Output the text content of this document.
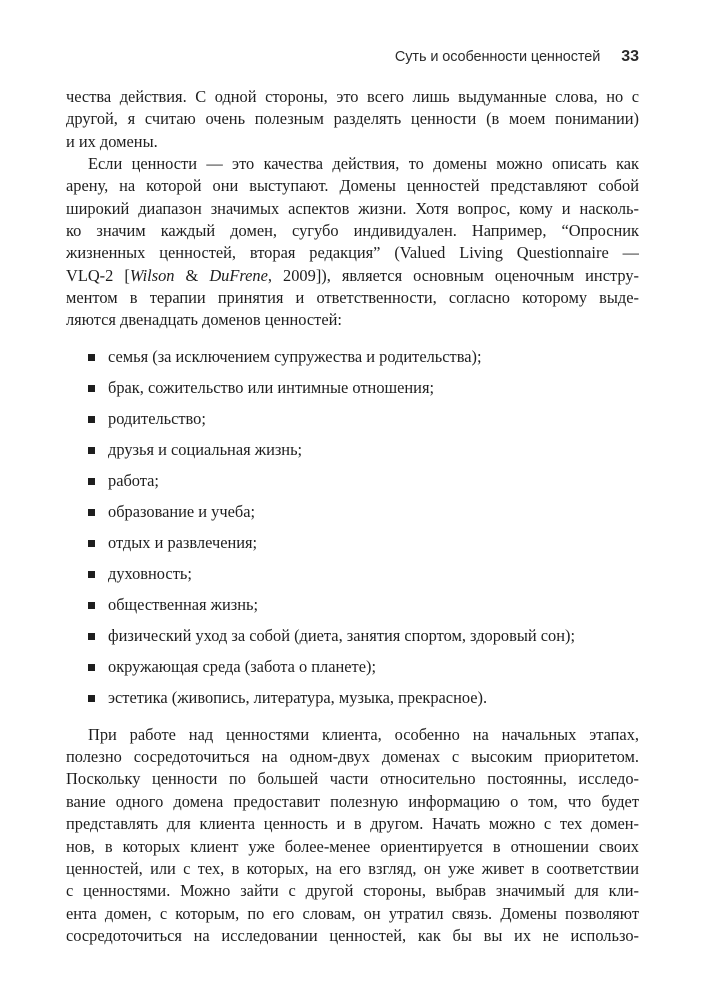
Суть и особенности ценностей 33
чества действия. С одной стороны, это всего лишь выдуманные слова, но с
другой, я считаю очень полезным разделять ценности (в моем понимании)
и их домены.
Если ценности — это качества действия, то домены можно описать как
арену, на которой они выступают. Домены ценностей представляют собой
широкий диапазон значимых аспектов жизни. Хотя вопрос, кому и насколь-
ко значим каждый домен, сугубо индивидуален. Например, “Опросник
жизненных ценностей, вторая редакция” (Valued Living Questionnaire —
VLQ-2 [Wilson & DuFrene, 2009]), является основным оценочным инстру-
ментом в терапии принятия и ответственности, согласно которому выде-
ляются двенадцать доменов ценностей:
семья (за исключением супружества и родительства);
брак, сожительство или интимные отношения;
родительство;
друзья и социальная жизнь;
работа;
образование и учеба;
отдых и развлечения;
духовность;
общественная жизнь;
физический уход за собой (диета, занятия спортом, здоровый сон);
окружающая среда (забота о планете);
эстетика (живопись, литература, музыка, прекрасное).
При работе над ценностями клиента, особенно на начальных этапах,
полезно сосредоточиться на одном-двух доменах с высоким приоритетом.
Поскольку ценности по большей части относительно постоянны, исследо-
вание одного домена предоставит полезную информацию о том, что будет
представлять для клиента ценность и в другом. Начать можно с тех домен-
нов, в которых клиент уже более-менее ориентируется в отношении своих
ценностей, или с тех, в которых, на его взгляд, он уже живет в соответствии
с ценностями. Можно зайти с другой стороны, выбрав значимый для кли-
ента домен, с которым, по его словам, он утратил связь. Домены позволяют
сосредоточиться на исследовании ценностей, как бы вы их не использо-
